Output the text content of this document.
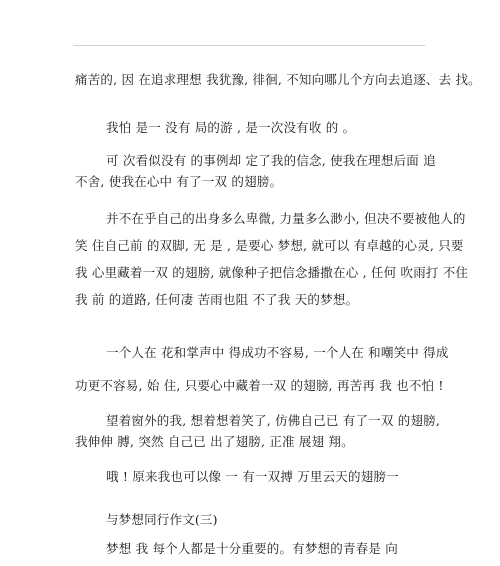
痛苦的, 因 在追求理想 我犹豫, 徘徊, 不知向哪儿个方向去追逐、去 找。
我怕 是一 没有 局的游 , 是一次没有收 的 。
可 次看似没有 的事例却 定了我的信念, 使我在理想后面 追
不舍, 使我在心中 有了一双 的翅膀。
并不在乎自己的出身多么卑微, 力量多么渺小, 但决不要被他人的
笑 住自己前 的双脚, 无 是 , 是要心 梦想, 就可以 有卓越的心灵, 只要
我 心里藏着一双 的翅膀, 就像种子把信念播撒在心 , 任何 吹雨打 不住
我 前 的道路, 任何凄 苦雨也阻 不了我 天的梦想。
一个人在 花和掌声中 得成功不容易, 一个人在 和嘲笑中 得成
功更不容易, 始 住, 只要心中藏着一双 的翅膀, 再苦再 我 也不怕 !
望着窗外的我, 想着想着笑了, 仿佛自己已 有了一双 的翅膀,
我伸伸 膊, 突然 自己已 出了翅膀, 正准 展翅 翔。
哦 ! 原来我也可以像 一 有一双搏 万里云天的翅膀一
与梦想同行作文(三)
梦想 我 每个人都是十分重要的。有梦想的青春是 向
